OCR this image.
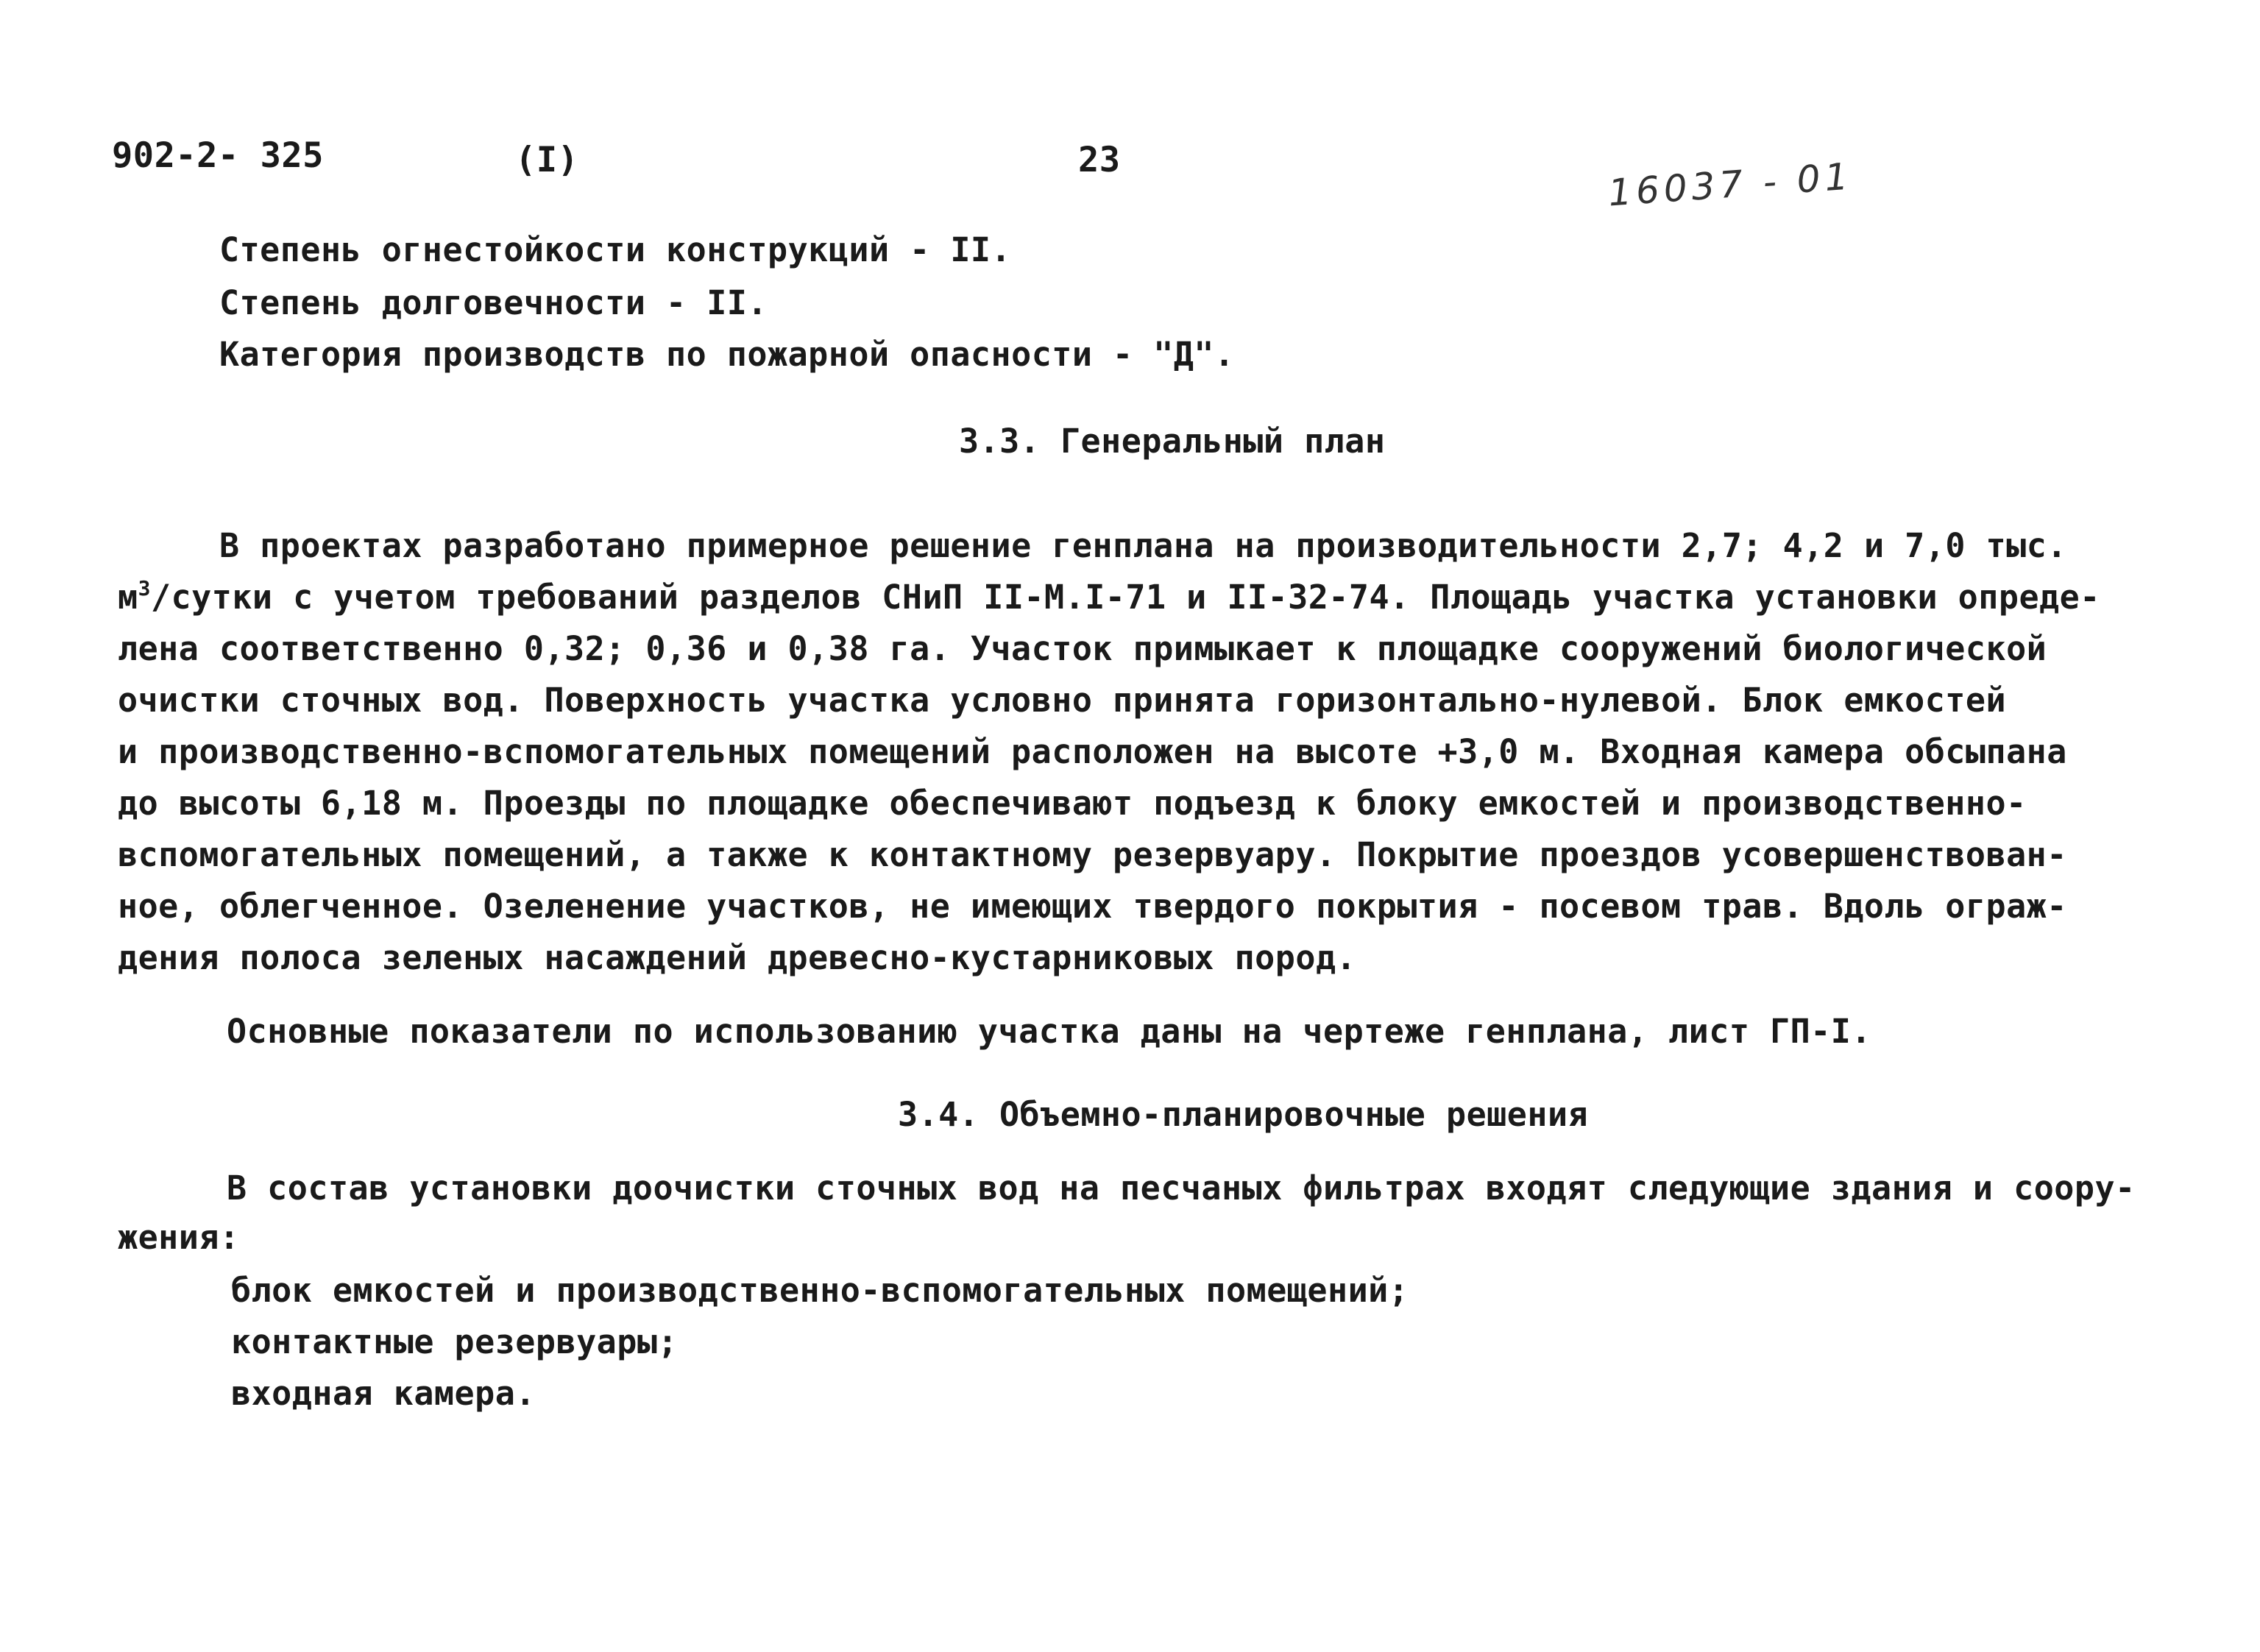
902-2- 325	(I)	23	16037 - 01
Степень огнестойкости конструкций - II.
Степень долговечности - II.
Категория производств по пожарной опасности - "Д".
3.3. Генеральный план
В проектах разработано примерное решение генплана на производительности 2,7; 4,2 и 7,0 тыс.
$м^3$/сутки с учетом требований разделов СНиП II-М.I-71 и II-32-74. Площадь участка установки опреде-
лена соответственно 0,32; 0,36 и 0,38 га. Участок примыкает к площадке сооружений биологической
очистки сточных вод. Поверхность участка условно принята горизонтально-нулевой. Блок емкостей
и производственно-вспомогательных помещений расположен на высоте +3,0 м. Входная камера обсыпана
до высоты 6,18 м. Проезды по площадке обеспечивают подъезд к блоку емкостей и производственно-
вспомогательных помещений, а также к контактному резервуару. Покрытие проездов усовершенствован-
ное, облегченное. Озеленение участков, не имеющих твердого покрытия - посевом трав. Вдоль ограж-
дения полоса зеленых насаждений древесно-кустарниковых пород.
Основные показатели по использованию участка даны на чертеже генплана, лист ГП-I.
3.4. Объемно-планировочные решения
В состав установки доочистки сточных вод на песчаных фильтрах входят следующие здания и соору-
жения:
блок емкостей и производственно-вспомогательных помещений;
контактные резервуары;
входная камера.
